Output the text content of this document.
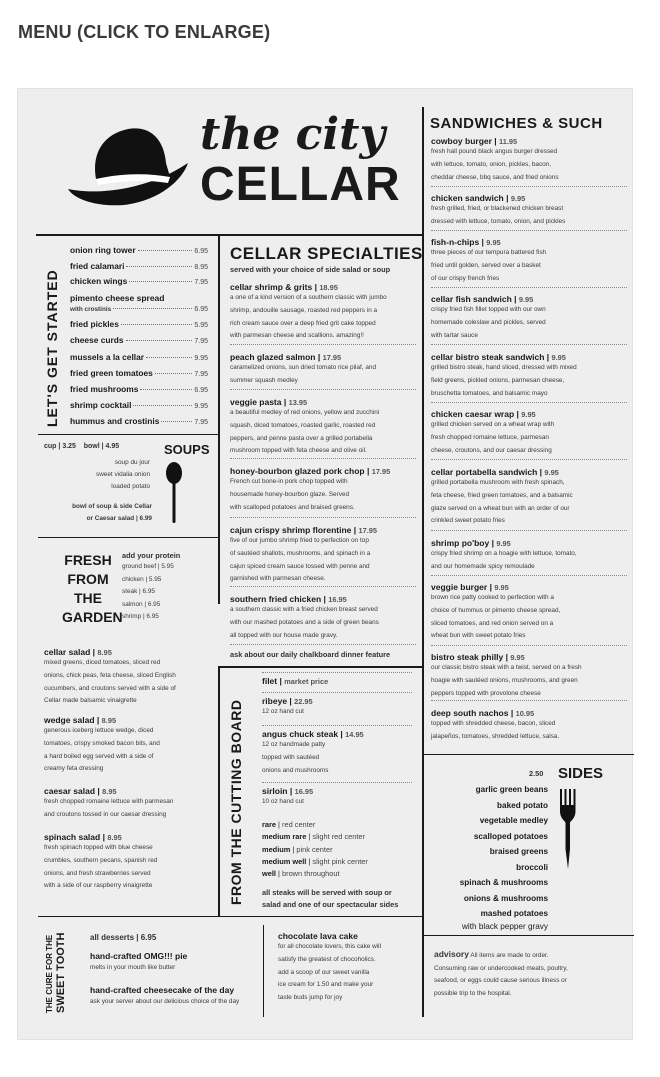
MENU (CLICK TO ENLARGE)
the city
CELLAR
LET'S GET STARTED
onion ring tower	6.95
fried calamari	8.95
chicken wings	7.95
pimento cheese spread
with crostinis	6.95
fried pickles	5.95
cheese curds	7.95
mussels a la cellar	9.95
fried green tomatoes	7.95
fried mushrooms	6.95
shrimp cocktail	9.95
hummus and crostinis	7.95
cup | 3.25 bowl | 4.95	SOUPS
soup du jour
sweet vidalia onion
loaded potato
bowl of soup & side Cellar
or Caesar salad | 6.99
FRESH
FROM
THE
GARDEN
add your protein
ground beef | 5.95
chicken | 5.95
steak | 6.95
salmon | 6.95
shrimp | 6.95
cellar salad | 8.95
mixed greens, diced tomatoes, sliced red
onions, chick peas, feta cheese, sliced English
cucumbers, and croutons served with a side of
Cellar made balsamic vinaigrette
wedge salad | 8.95
generous iceberg lettuce wedge, diced
tomatoes, crispy smoked bacon bits, and
a hard boiled egg served with a side of
creamy feta dressing
caesar salad | 8.95
fresh chopped romaine lettuce with parmesan
and croutons tossed in our caesar dressing
spinach salad | 8.95
fresh spinach topped with blue cheese
crumbles, southern pecans, spanish red
onions, and fresh strawberries served
with a side of our raspberry vinaigrette
CELLAR SPECIALTIES
served with your choice of side salad or soup
cellar shrimp & grits | 18.95
a one of a kind version of a southern classic with jumbo
shrimp, andouille sausage, roasted red peppers in a
rich cream sauce over a deep fried grit cake topped
with parmesan cheese and scallions. amazing!!
peach glazed salmon | 17.95
caramelized onions, sun dried tomato rice pilaf, and
summer squash medley
veggie pasta | 13.95
a beautiful medley of red onions, yellow and zucchini
squash, diced tomatoes, roasted garlic, roasted red
peppers, and penne pasta over a grilled portabella
mushroom topped with feta cheese and olive oil.
honey-bourbon glazed pork chop | 17.95
French cut bone-in pork chop topped with
housemade honey-bourbon glaze. Served
with scalloped potatoes and braised greens.
cajun crispy shrimp florentine | 17.95
five of our jumbo shrimp fried to perfection on top
of sautéed shallots, mushrooms, and spinach in a
cajun spiced cream sauce tossed with penne and
garnished with parmesan cheese.
southern fried chicken | 16.95
a southern classic with a fried chicken breast served
with our mashed potatoes and a side of green beans
all topped with our house made gravy.
ask about our daily chalkboard dinner feature
FROM THE CUTTING BOARD
filet | market price
ribeye | 22.95
12 oz hand cut
angus chuck steak | 14.95
12 oz handmade patty
topped with sautéed
onions and mushrooms
sirloin | 16.95
10 oz hand cut
rare | red center
medium rare | slight red center
medium | pink center
medium well | slight pink center
well | brown throughout
all steaks will be served with soup or
salad and one of our spectacular sides
SANDWICHES & SUCH
cowboy burger | 11.95
fresh hall pound black angus burger dressed
with lettuce, tomato, onion, pickles, bacon,
cheddar cheese, bbq sauce, and fried onions
chicken sandwich | 9.95
fresh grilled, fried, or blackened chicken breast
dressed with lettuce, tomato, onion, and pickles
fish-n-chips | 9.95
three pieces of our tempura battered fish
fried until golden, served over a basket
of our crispy french fries
cellar fish sandwich | 9.95
crispy fried fish fillet topped with our own
homemade coleslaw and pickles, served
with tartar sauce
cellar bistro steak sandwich | 9.95
grilled bistro steak, hand sliced, dressed with mixed
field greens, pickled onions, parmesan cheese,
bruschetta tomatoes, and balsamic mayo
chicken caesar wrap | 9.95
grilled chicken served on a wheat wrap with
fresh chopped romaine lettuce, parmesan
cheese, croutons, and our caesar dressing
cellar portabella sandwich | 9.95
grilled portabella mushroom with fresh spinach,
feta cheese, fried green tomatoes, and a balsamic
glaze served on a wheat bun with an order of our
crinkled sweet potato fries
shrimp po'boy | 9.95
crispy fried shrimp on a hoagie with lettuce, tomato,
and our homemade spicy remoulade
veggie burger | 9.95
brown rice patty cooked to perfection with a
choice of hummus or pimento cheese spread,
sliced tomatoes, and red onion served on a
wheat bun with sweet potato fries
bistro steak philly | 9.95
our classic bistro steak with a twist, served on a fresh
hoagie with sautéed onions, mushrooms, and green
peppers topped with provolone cheese
deep south nachos | 10.95
topped with shredded cheese, bacon, sliced
jalapeños, tomatoes, shredded lettuce, salsa.
2.50 SIDES
garlic green beans
baked potato
vegetable medley
scalloped potatoes
braised greens
broccoli
spinach & mushrooms
onions & mushrooms
mashed potatoes
with black pepper gravy
THE CURE FOR THE SWEET TOOTH	all desserts | 6.95
hand-crafted OMG!!! pie
melts in your mouth like butter
hand-crafted cheesecake of the day
ask your server about our delicious choice of the day
chocolate lava cake
for all chocolate lovers, this cake will
satisfy the greatest of chocoholics.
add a scoop of our sweet vanilla
ice cream for 1.50 and make your
taste buds jump for joy
advisory All items are made to order.
Consuming raw or undercooked meats, poultry,
seafood, or eggs could cause serious illness or
possible trip to the hospital.
